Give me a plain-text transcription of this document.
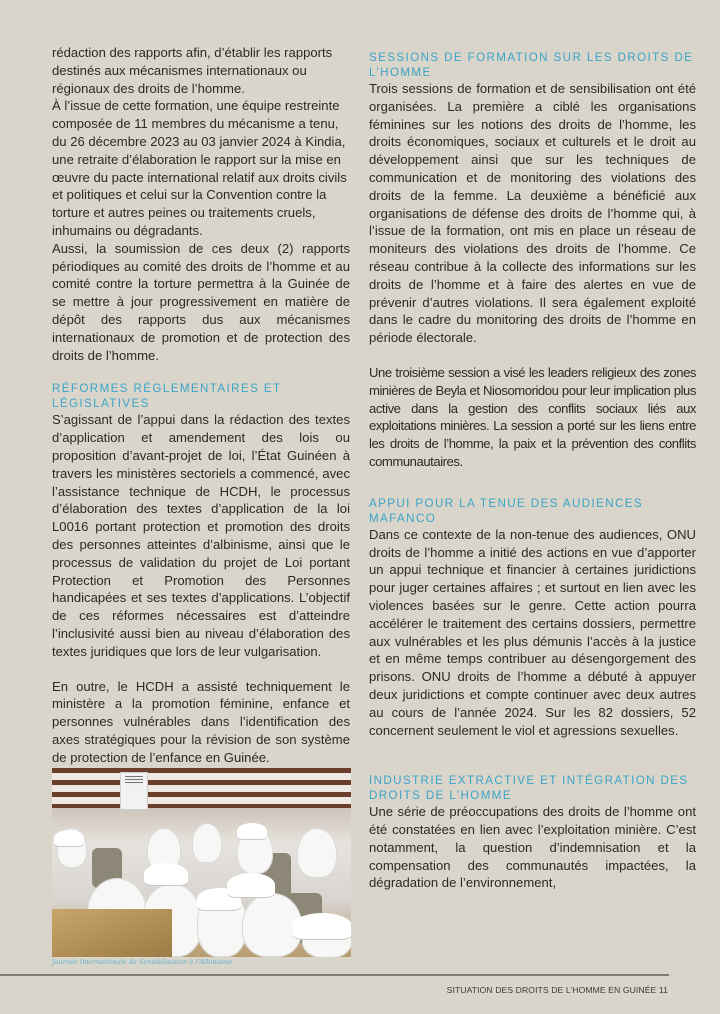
rédaction des rapports afin, d’établir les rapports destinés aux mécanismes internationaux ou régionaux des droits de l’homme.

À l’issue de cette formation, une équipe restreinte composée de 11 membres du mécanisme a tenu, du 26 décembre 2023 au 03 janvier 2024 à Kindia, une retraite d’élaboration le rapport sur la mise en œuvre du pacte international relatif aux droits civils et politiques et celui sur la Convention contre la torture et autres peines ou traitements cruels, inhumains ou dégradants.

Aussi, la soumission de ces deux (2) rapports périodiques au comité des droits de l’homme et au comité contre la torture permettra à la Guinée de se mettre à jour progressivement en matière de dépôt des rapports dus aux mécanismes internationaux de promotion et de protection des droits de l’homme.

RÉFORMES RÉGLEMENTAIRES ET LÉGISLATIVES

S’agissant de l’appui dans la rédaction des textes d’application et amendement des lois ou proposition d’avant-projet de loi, l’État Guinéen à travers les ministères sectoriels a commencé, avec l’assistance technique de HCDH, le processus d’élaboration des textes d’application de la loi L0016 portant protection et promotion des droits des personnes atteintes d’albinisme, ainsi que le processus de validation du projet de Loi portant Protection et Promotion des Personnes handicapées et ses textes d’applications. L’objectif de ces réformes nécessaires est d’atteindre l’inclusivité aussi bien au niveau d’élaboration des textes juridiques que lors de leur vulgarisation.

En outre, le HCDH a assisté techniquement le ministère a la promotion féminine, enfance et personnes vulnérables dans l’identification des axes stratégiques pour la révision de son système de protection de l’enfance en Guinée.

Journée Internationale de Sensibilisation à l’Albinisme.
SESSIONS DE FORMATION SUR LES DROITS DE L’HOMME

Trois sessions de formation et de sensibilisation ont été organisées. La première a ciblé les organisations féminines sur les notions des droits de l’homme, les droits économiques, sociaux et culturels et le droit au développement ainsi que sur les techniques de communication et de monitoring des violations des droits de la femme. La deuxième a bénéficié aux organisations de défense des droits de l’homme qui, à l’issue de la formation, ont mis en place un réseau de moniteurs des violations des droits de l’homme. Ce réseau contribue à la collecte des informations sur les droits de l’homme et à faire des alertes en vue de prévenir d’autres violations. Il sera également exploité dans le cadre du monitoring des droits de l’homme en période électorale.

Une troisième session a visé les leaders religieux des zones minières de Beyla et Niosomoridou pour leur implication plus active dans la gestion des conflits sociaux liés aux exploitations minières. La session a porté sur les liens entre les droits de l’homme, la paix et la prévention des conflits communautaires.

APPUI POUR LA TENUE DES AUDIENCES MAFANCO

Dans ce contexte de la non-tenue des audiences, ONU droits de l’homme a initié des actions en vue d’apporter un appui technique et financier à certaines juridictions pour juger certaines affaires ; et surtout en lien avec les violences basées sur le genre. Cette action pourra accélérer le traitement des certains dossiers, permettre aux vulnérables et les plus démunis l’accès à la justice et en même temps contribuer au désengorgement des prisons. ONU droits de l’homme a débuté à appuyer deux juridictions et compte continuer avec deux autres au cours de l’année 2024. Sur les 82 dossiers, 52 concernent seulement le viol et agressions sexuelles.

INDUSTRIE EXTRACTIVE ET INTÉGRATION DES DROITS DE L’HOMME

Une série de préoccupations des droits de l’homme ont été constatées en lien avec l’exploitation minière. C’est notamment, la question d’indemnisation et la compensation des communautés impactées, la dégradation de l’environnement,

SITUATION DES DROITS DE L’HOMME EN GUINÉE 11
